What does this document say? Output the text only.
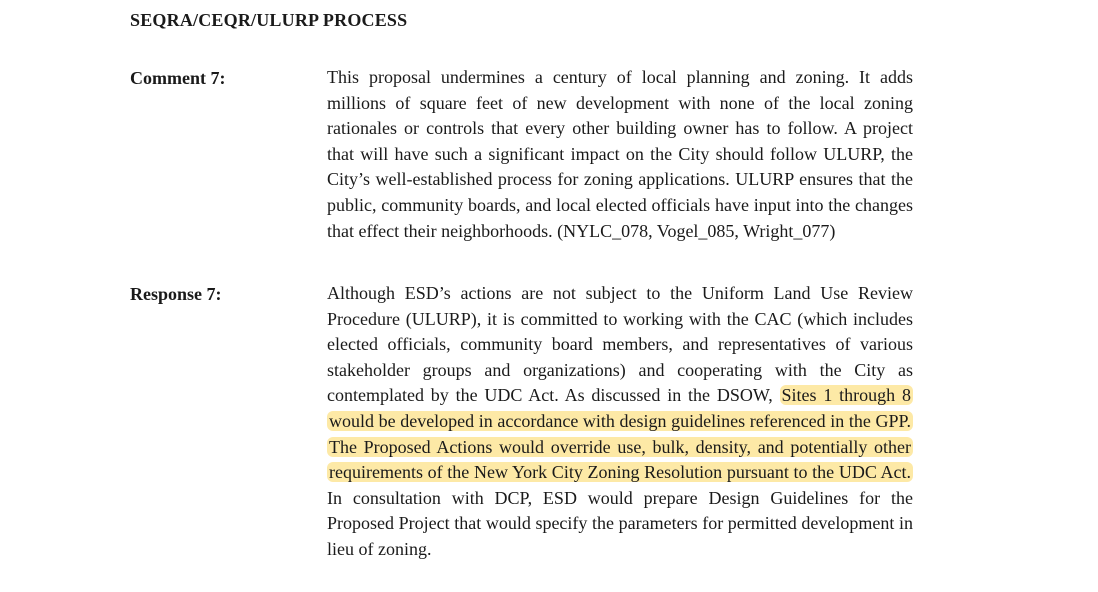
SEQRA/CEQR/ULURP PROCESS
Comment 7:	This proposal undermines a century of local planning and zoning. It adds millions of square feet of new development with none of the local zoning rationales or controls that every other building owner has to follow. A project that will have such a significant impact on the City should follow ULURP, the City’s well-established process for zoning applications. ULURP ensures that the public, community boards, and local elected officials have input into the changes that effect their neighborhoods. (NYLC_078, Vogel_085, Wright_077)
Response 7:	Although ESD’s actions are not subject to the Uniform Land Use Review Procedure (ULURP), it is committed to working with the CAC (which includes elected officials, community board members, and representatives of various stakeholder groups and organizations) and cooperating with the City as contemplated by the UDC Act. As discussed in the DSOW, Sites 1 through 8 would be developed in accordance with design guidelines referenced in the GPP. The Proposed Actions would override use, bulk, density, and potentially other requirements of the New York City Zoning Resolution pursuant to the UDC Act. In consultation with DCP, ESD would prepare Design Guidelines for the Proposed Project that would specify the parameters for permitted development in lieu of zoning.
